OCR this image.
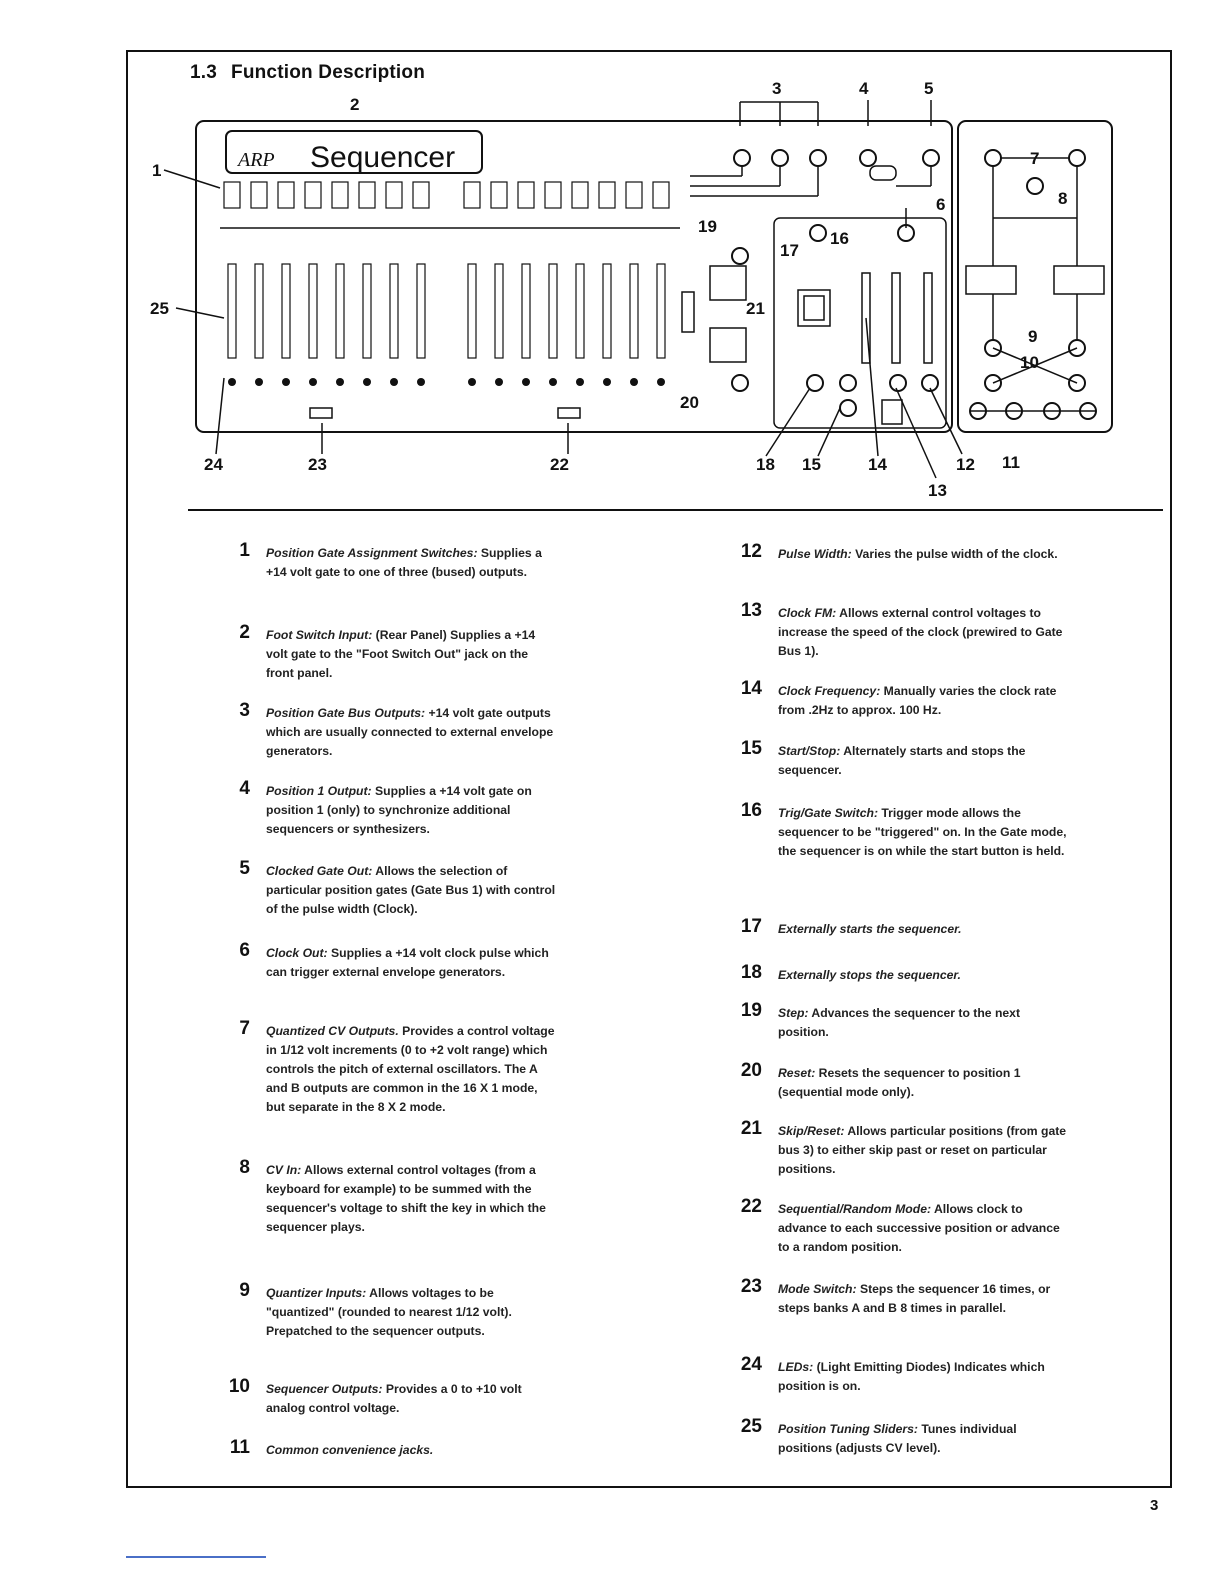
1.3 Function Description
ARP Sequencer
1
2
3	4	5
6
7
8
9
10
11
12
13
14
15
16
17
18
19
20
21
22
23
24
25
1 Position Gate Assignment Switches: Supplies a +14 volt gate to one of three (bused) outputs.
2 Foot Switch Input: (Rear Panel) Supplies a +14 volt gate to the "Foot Switch Out" jack on the front panel.
3 Position Gate Bus Outputs: +14 volt gate outputs which are usually connected to external envelope generators.
4 Position 1 Output: Supplies a +14 volt gate on position 1 (only) to synchronize additional sequencers or synthesizers.
5 Clocked Gate Out: Allows the selection of particular position gates (Gate Bus 1) with control of the pulse width (Clock).
6 Clock Out: Supplies a +14 volt clock pulse which can trigger external envelope generators.
7 Quantized CV Outputs. Provides a control voltage in 1/12 volt increments (0 to +2 volt range) which controls the pitch of external oscillators. The A and B outputs are common in the 16 X 1 mode, but separate in the 8 X 2 mode.
8 CV In: Allows external control voltages (from a keyboard for example) to be summed with the sequencer's voltage to shift the key in which the sequencer plays.
9 Quantizer Inputs: Allows voltages to be "quantized" (rounded to nearest 1/12 volt). Prepatched to the sequencer outputs.
10 Sequencer Outputs: Provides a 0 to +10 volt analog control voltage.
11 Common convenience jacks.
12 Pulse Width: Varies the pulse width of the clock.
13 Clock FM: Allows external control voltages to increase the speed of the clock (prewired to Gate Bus 1).
14 Clock Frequency: Manually varies the clock rate from .2Hz to approx. 100 Hz.
15 Start/Stop: Alternately starts and stops the sequencer.
16 Trig/Gate Switch: Trigger mode allows the sequencer to be "triggered" on. In the Gate mode, the sequencer is on while the start button is held.
17 Externally starts the sequencer.
18 Externally stops the sequencer.
19 Step: Advances the sequencer to the next position.
20 Reset: Resets the sequencer to position 1 (sequential mode only).
21 Skip/Reset: Allows particular positions (from gate bus 3) to either skip past or reset on particular positions.
22 Sequential/Random Mode: Allows clock to advance to each successive position or advance to a random position.
23 Mode Switch: Steps the sequencer 16 times, or steps banks A and B 8 times in parallel.
24 LEDs: (Light Emitting Diodes) Indicates which position is on.
25 Position Tuning Sliders: Tunes individual positions (adjusts CV level).
3
